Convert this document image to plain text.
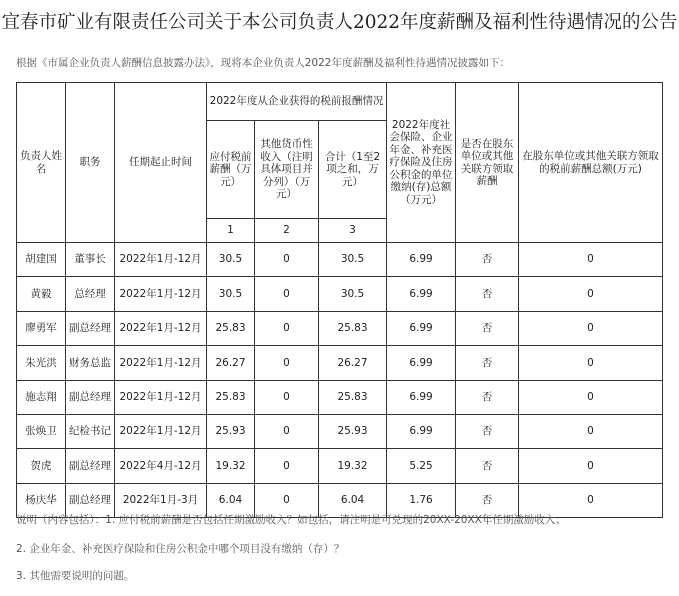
宜春市矿业有限责任公司关于本公司负责人2022年度薪酬及福利性待遇情况的公告
根据《市属企业负责人薪酬信息披露办法》，现将本企业负责人2022年度薪酬及福利性待遇情况披露如下：
负责人姓名	职务	任期起止时间	2022年度从企业获得的税前报酬情况			2022年度社会保险、企业年金、补充医疗保险及住房公积金的单位缴纳(存)总额（万元）	是否在股东单位或其他关联方领取薪酬	在股东单位或其他关联方领取的税前薪酬总额(万元)
			应付税前薪酬（万元）	其他货币性收入（注明具体项目并分列）（万元）	合计（1至2项之和，万元）			
			1	2	3			
胡建国	董事长	2022年1月-12月	30.5	0	30.5	6.99	否	0
黄毅	总经理	2022年1月-12月	30.5	0	30.5	6.99	否	0
廖勇军	副总经理	2022年1月-12月	25.83	0	25.83	6.99	否	0
朱光洪	财务总监	2022年1月-12月	26.27	0	26.27	6.99	否	0
施志翔	副总经理	2022年1月-12月	25.83	0	25.83	6.99	否	0
张焕卫	纪检书记	2022年1月-12月	25.93	0	25.93	6.99	否	0
贺虎	副总经理	2022年4月-12月	19.32	0	19.32	5.25	否	0
杨庆华	副总经理	2022年1月-3月	6.04	0	6.04	1.76	否	0
说明（内容包括）：1. 应付税前薪酬是否包括任期激励收入？如包括，请注明是可兑现的20XX-20XX年任期激励收入；
2. 企业年金、补充医疗保险和住房公积金中哪个项目没有缴纳（存）？
3. 其他需要说明的问题。
